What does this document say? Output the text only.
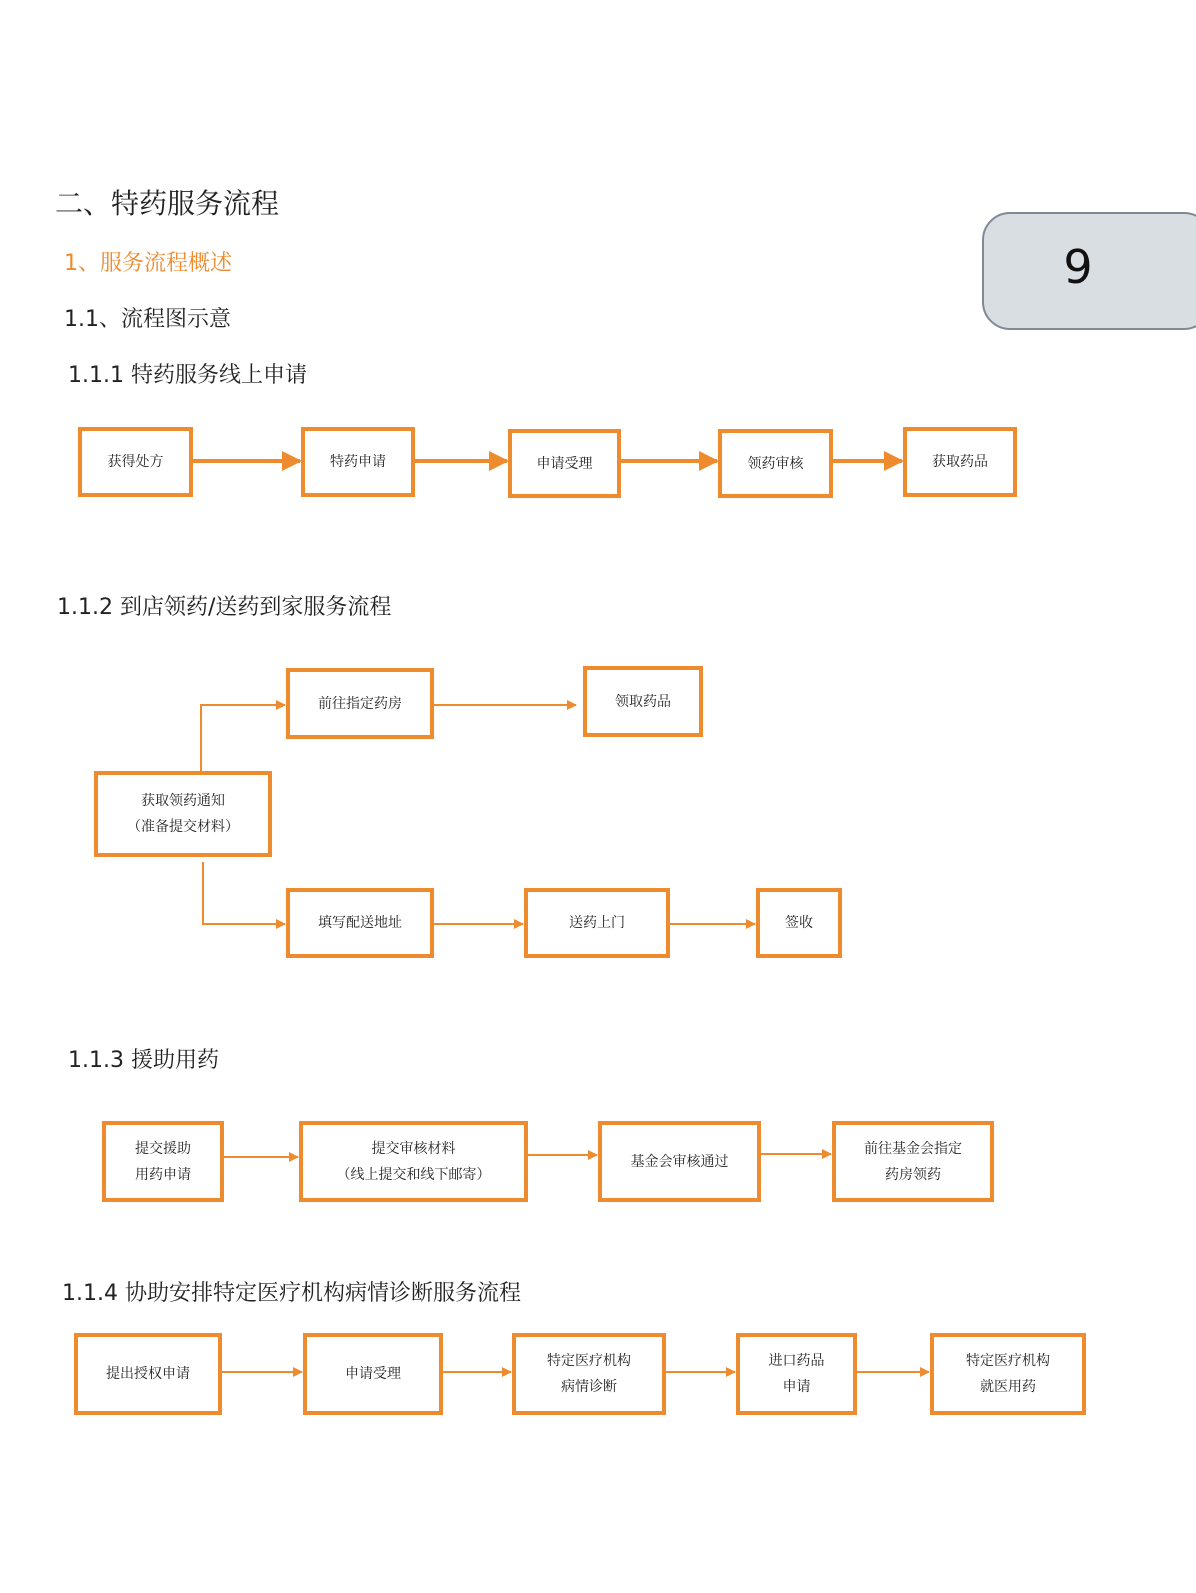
二、特药服务流程
1、服务流程概述
1.1、流程图示意
9
1.1.1 特药服务线上申请
获得处方	特药申请	申请受理	领药审核	获取药品
1.1.2 到店领药/送药到家服务流程
获取领药通知
（准备提交材料）
前往指定药房	领取药品
填写配送地址	送药上门	签收
1.1.3 援助用药
提交援助
用药申请
提交审核材料
（线上提交和线下邮寄）
基金会审核通过
前往基金会指定
药房领药
1.1.4 协助安排特定医疗机构病情诊断服务流程
提出授权申请	申请受理
特定医疗机构
病情诊断
进口药品
申请
特定医疗机构
就医用药
